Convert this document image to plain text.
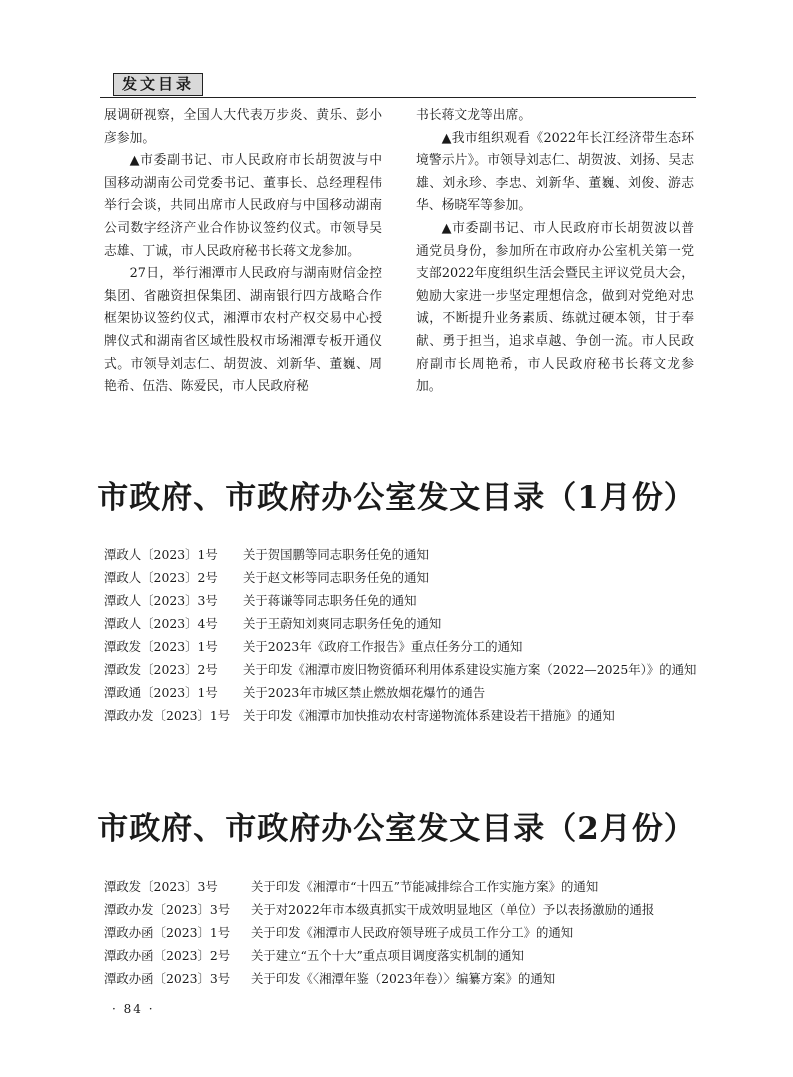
发文目录

展调研视察，全国人大代表万步炎、黄乐、彭小彦参加。

▲市委副书记、市人民政府市长胡贺波与中国移动湖南公司党委书记、董事长、总经理程伟举行会谈，共同出席市人民政府与中国移动湖南公司数字经济产业合作协议签约仪式。市领导吴志雄、丁诚，市人民政府秘书长蒋文龙参加。

27日，举行湘潭市人民政府与湖南财信金控集团、省融资担保集团、湖南银行四方战略合作框架协议签约仪式，湘潭市农村产权交易中心授牌仪式和湖南省区域性股权市场湘潭专板开通仪式。市领导刘志仁、胡贺波、刘新华、董巍、周艳希、伍浩、陈爱民，市人民政府秘

书长蒋文龙等出席。

▲我市组织观看《2022年长江经济带生态环境警示片》。市领导刘志仁、胡贺波、刘扬、吴志雄、刘永珍、李忠、刘新华、董巍、刘俊、游志华、杨晓军等参加。

▲市委副书记、市人民政府市长胡贺波以普通党员身份，参加所在市政府办公室机关第一党支部2022年度组织生活会暨民主评议党员大会，勉励大家进一步坚定理想信念，做到对党绝对忠诚，不断提升业务素质、练就过硬本领，甘于奉献、勇于担当，追求卓越、争创一流。市人民政府副市长周艳希，市人民政府秘书长蒋文龙参加。

市政府、市政府办公室发文目录（1月份）
潭政人〔2023〕1号	关于贺国鹏等同志职务任免的通知
潭政人〔2023〕2号	关于赵文彬等同志职务任免的通知
潭政人〔2023〕3号	关于蒋谦等同志职务任免的通知
潭政人〔2023〕4号	关于王蔚知刘爽同志职务任免的通知
潭政发〔2023〕1号	关于2023年《政府工作报告》重点任务分工的通知
潭政发〔2023〕2号	关于印发《湘潭市废旧物资循环利用体系建设实施方案（2022—2025年）》的通知
潭政通〔2023〕1号	关于2023年市城区禁止燃放烟花爆竹的通告
潭政办发〔2023〕1号	关于印发《湘潭市加快推动农村寄递物流体系建设若干措施》的通知
市政府、市政府办公室发文目录（2月份）
潭政发〔2023〕3号	关于印发《湘潭市“十四五”节能减排综合工作实施方案》的通知
潭政办发〔2023〕3号	关于对2022年市本级真抓实干成效明显地区（单位）予以表扬激励的通报
潭政办函〔2023〕1号	关于印发《湘潭市人民政府领导班子成员工作分工》的通知
潭政办函〔2023〕2号	关于建立“五个十大”重点项目调度落实机制的通知
潭政办函〔2023〕3号	关于印发《〈湘潭年鉴（2023年卷）〉编纂方案》的通知
· 84 ·
